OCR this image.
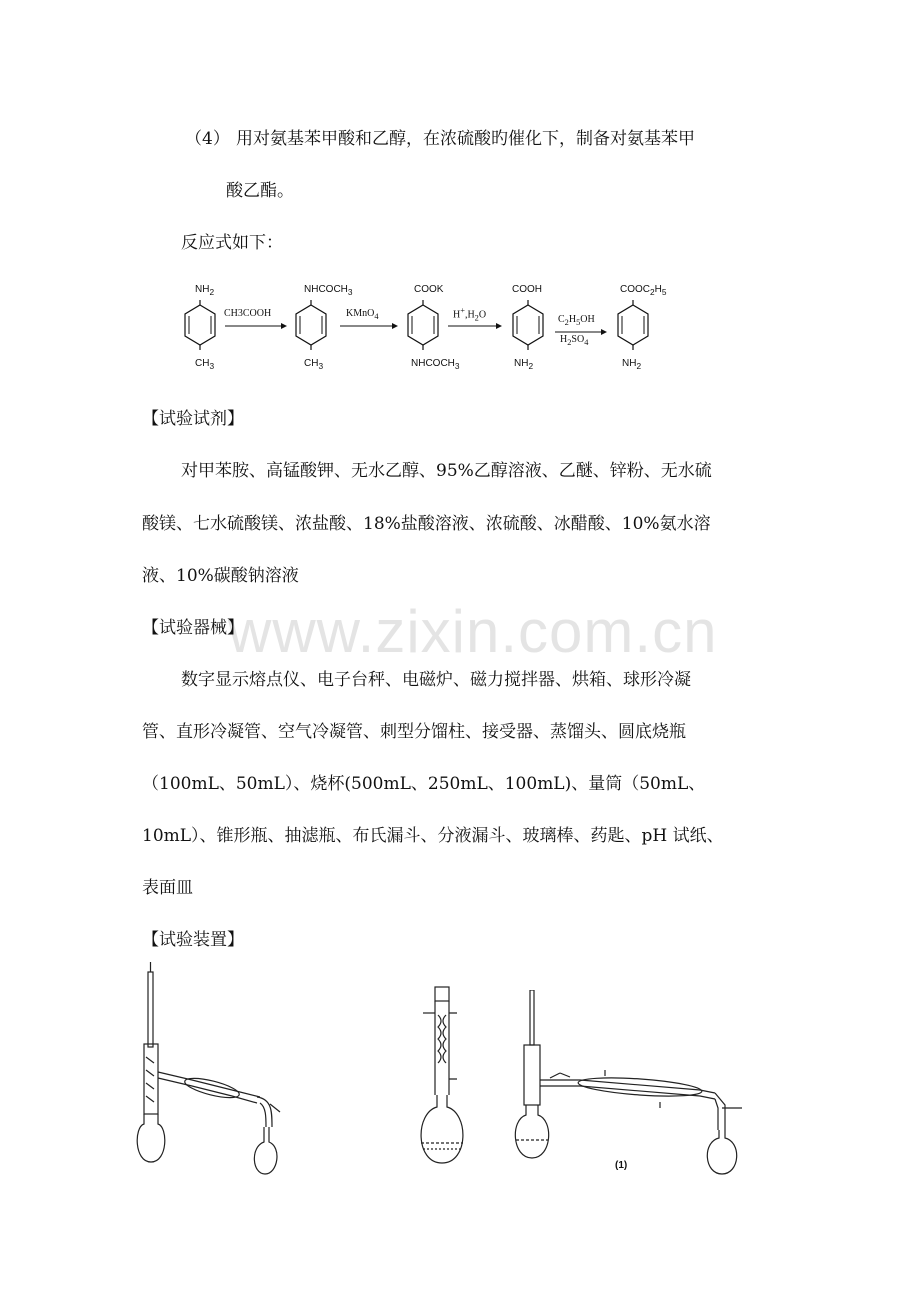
（4） 用对氨基苯甲酸和乙醇，在浓硫酸旳催化下，制备对氨基苯甲
酸乙酯。
反应式如下：
$NH_2$
$CH_3$
$NHCOCH_3$
$CH_3$
COOK
$NHCOCH_3$
COOH
$NH_2$
$COOC_2H_5$
$NH_2$
CH3COOH	KMnO$_4$	$H^+,H_2O$	$C_2H_5OH$
$H_2SO_4$
【试验试剂】
对甲苯胺、高锰酸钾、无水乙醇、95%乙醇溶液、乙醚、锌粉、无水硫
酸镁、七水硫酸镁、浓盐酸、18%盐酸溶液、浓硫酸、冰醋酸、10%氨水溶
液、10%碳酸钠溶液
www.zixin.com.cn
【试验器械】
数字显示熔点仪、电子台秤、电磁炉、磁力搅拌器、烘箱、球形冷凝
管、直形冷凝管、空气冷凝管、刺型分馏柱、接受器、蒸馏头、圆底烧瓶
（100mL、50mL）、烧杯(500mL、250mL、100mL)、量筒（50mL、
10mL）、锥形瓶、抽滤瓶、布氏漏斗、分液漏斗、玻璃棒、药匙、pH 试纸、
表面皿
【试验装置】
(1)
